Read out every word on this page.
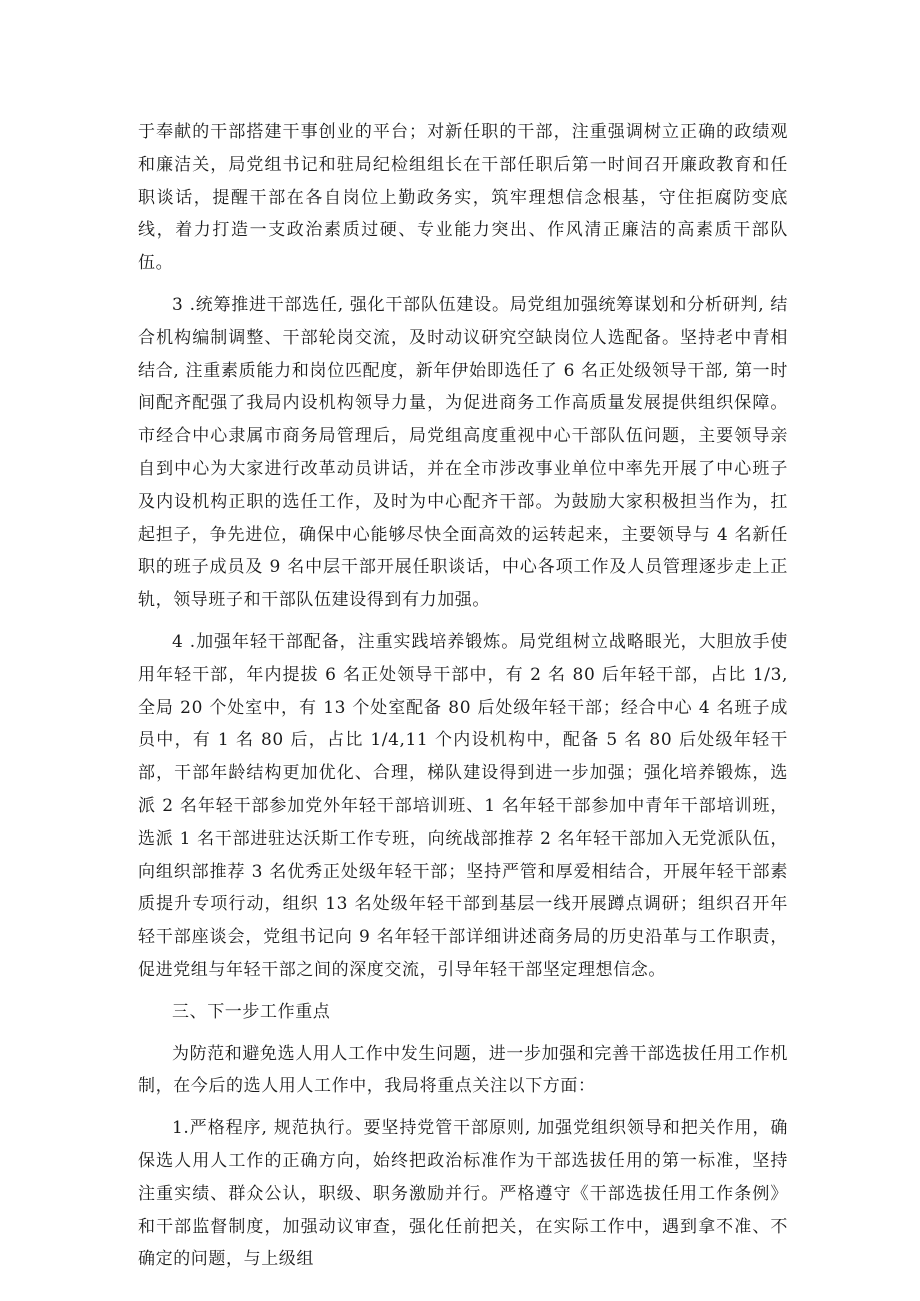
于奉献的干部搭建干事创业的平台；对新任职的干部，注重强调树立正确的政绩观和廉洁关，局党组书记和驻局纪检组组长在干部任职后第一时间召开廉政教育和任职谈话，提醒干部在各自岗位上勤政务实，筑牢理想信念根基，守住拒腐防变底线，着力打造一支政治素质过硬、专业能力突出、作风清正廉洁的高素质干部队伍。

3 .统筹推进干部选任, 强化干部队伍建设。局党组加强统筹谋划和分析研判, 结合机构编制调整、干部轮岗交流，及时动议研究空缺岗位人选配备。坚持老中青相结合, 注重素质能力和岗位匹配度，新年伊始即选任了 6 名正处级领导干部, 第一时间配齐配强了我局内设机构领导力量，为促进商务工作高质量发展提供组织保障。市经合中心隶属市商务局管理后，局党组高度重视中心干部队伍问题，主要领导亲自到中心为大家进行改革动员讲话，并在全市涉改事业单位中率先开展了中心班子及内设机构正职的选任工作，及时为中心配齐干部。为鼓励大家积极担当作为，扛起担子，争先进位，确保中心能够尽快全面高效的运转起来，主要领导与 4 名新任职的班子成员及 9 名中层干部开展任职谈话，中心各项工作及人员管理逐步走上正轨，领导班子和干部队伍建设得到有力加强。

4 .加强年轻干部配备，注重实践培养锻炼。局党组树立战略眼光，大胆放手使用年轻干部，年内提拔 6 名正处领导干部中，有 2 名 80 后年轻干部，占比 1/3,全局 20 个处室中，有 13 个处室配备 80 后处级年轻干部；经合中心 4 名班子成员中，有 1 名 80 后，占比 1/4,11 个内设机构中，配备 5 名 80 后处级年轻干部，干部年龄结构更加优化、合理，梯队建设得到进一步加强；强化培养锻炼，选派 2 名年轻干部参加党外年轻干部培训班、1 名年轻干部参加中青年干部培训班，选派 1 名干部进驻达沃斯工作专班，向统战部推荐 2 名年轻干部加入无党派队伍，向组织部推荐 3 名优秀正处级年轻干部；坚持严管和厚爱相结合，开展年轻干部素质提升专项行动，组织 13 名处级年轻干部到基层一线开展蹲点调研；组织召开年轻干部座谈会，党组书记向 9 名年轻干部详细讲述商务局的历史沿革与工作职责，促进党组与年轻干部之间的深度交流，引导年轻干部坚定理想信念。

三、下一步工作重点

为防范和避免选人用人工作中发生问题，进一步加强和完善干部选拔任用工作机制，在今后的选人用人工作中，我局将重点关注以下方面：

1.严格程序, 规范执行。要坚持党管干部原则, 加强党组织领导和把关作用，确保选人用人工作的正确方向，始终把政治标准作为干部选拔任用的第一标准，坚持注重实绩、群众公认，职级、职务激励并行。严格遵守《干部选拔任用工作条例》和干部监督制度，加强动议审查，强化任前把关，在实际工作中，遇到拿不准、不确定的问题，与上级组
